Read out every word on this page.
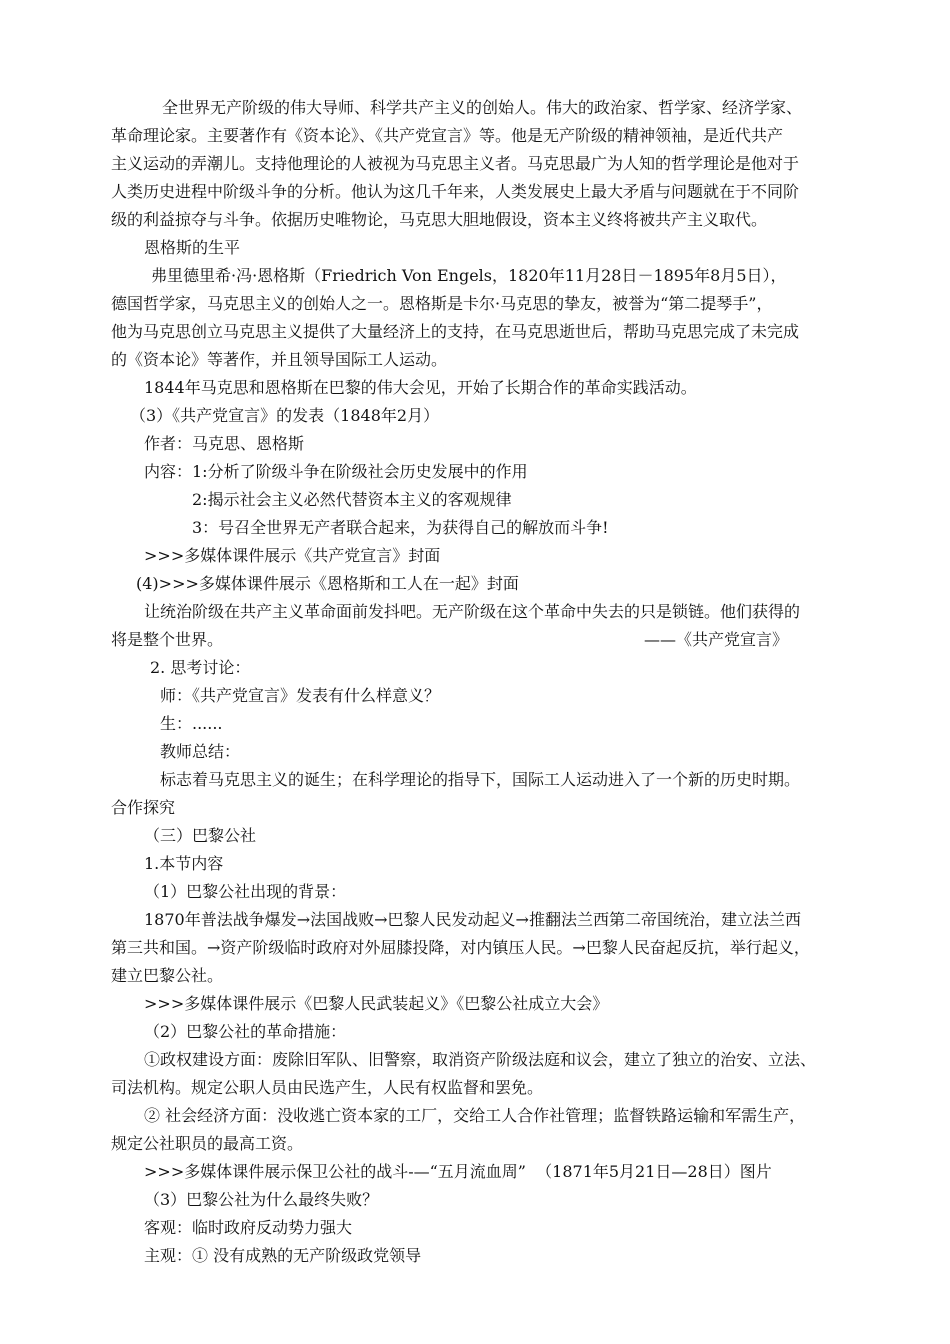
全世界无产阶级的伟大导师、科学共产主义的创始人。伟大的政治家、哲学家、经济学家、

革命理论家。主要著作有《资本论》、《共产党宣言》等。他是无产阶级的精神领袖，是近代共产

主义运动的弄潮儿。支持他理论的人被视为马克思主义者。马克思最广为人知的哲学理论是他对于

人类历史进程中阶级斗争的分析。他认为这几千年来，人类发展史上最大矛盾与问题就在于不同阶

级的利益掠夺与斗争。依据历史唯物论，马克思大胆地假设，资本主义终将被共产主义取代。

恩格斯的生平

弗里德里希·冯·恩格斯（Friedrich Von Engels，1820年11月28日－1895年8月5日），

德国哲学家，马克思主义的创始人之一。恩格斯是卡尔·马克思的挚友，被誉为“第二提琴手”，

他为马克思创立马克思主义提供了大量经济上的支持，在马克思逝世后，帮助马克思完成了未完成

的《资本论》等著作，并且领导国际工人运动。

1844年马克思和恩格斯在巴黎的伟大会见，开始了长期合作的革命实践活动。

（3）《共产党宣言》的发表（1848年2月）

作者：马克思、恩格斯

内容：1:分析了阶级斗争在阶级社会历史发展中的作用

2:揭示社会主义必然代替资本主义的客观规律

3：号召全世界无产者联合起来，为获得自己的解放而斗争!

>>>多媒体课件展示《共产党宣言》封面

(4)>>>多媒体课件展示《恩格斯和工人在一起》封面

让统治阶级在共产主义革命面前发抖吧。无产阶级在这个革命中失去的只是锁链。他们获得的

将是整个世界。	——《共产党宣言》

2. 思考讨论：

师：《共产党宣言》发表有什么样意义？

生：......

教师总结：

标志着马克思主义的诞生；在科学理论的指导下，国际工人运动进入了一个新的历史时期。

合作探究

（三）巴黎公社

1.本节内容

（1）巴黎公社出现的背景：

1870年普法战争爆发→法国战败→巴黎人民发动起义→推翻法兰西第二帝国统治，建立法兰西

第三共和国。→资产阶级临时政府对外屈膝投降，对内镇压人民。→巴黎人民奋起反抗，举行起义，

建立巴黎公社。

>>>多媒体课件展示《巴黎人民武装起义》《巴黎公社成立大会》

（2）巴黎公社的革命措施：

①政权建设方面：废除旧军队、旧警察，取消资产阶级法庭和议会，建立了独立的治安、立法、

司法机构。规定公职人员由民选产生，人民有权监督和罢免。

② 社会经济方面：没收逃亡资本家的工厂，交给工人合作社管理；监督铁路运输和军需生产，

规定公社职员的最高工资。

>>>多媒体课件展示保卫公社的战斗-—“五月流血周”  （1871年5月21日—28日）图片

（3）巴黎公社为什么最终失败？

客观：临时政府反动势力强大

主观：① 没有成熟的无产阶级政党领导
